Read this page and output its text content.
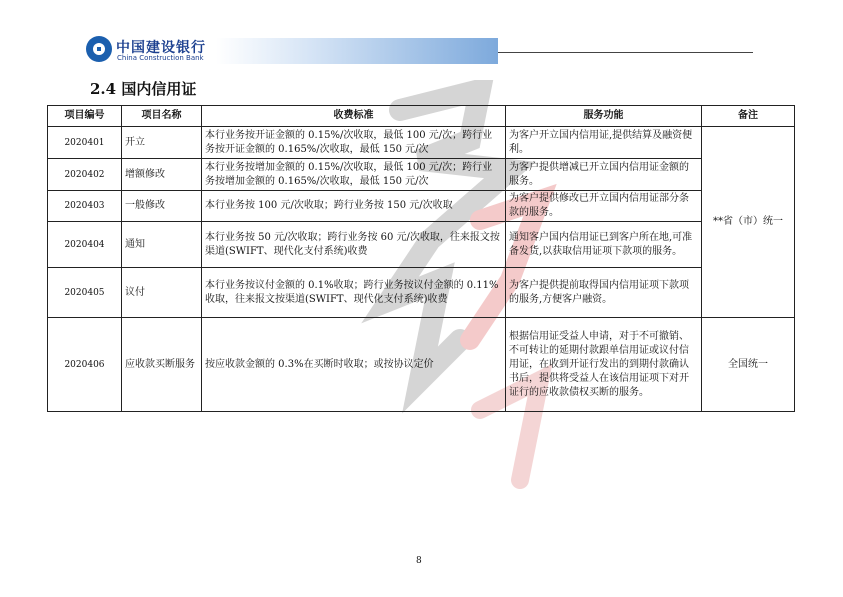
中国建设银行
China Construction Bank
2.4 国内信用证
项目编号	项目名称	收费标准	服务功能	备注
2020401	开立	本行业务按开证金额的 0.15%/次收取，最低 100 元/次；跨行业务按开证金额的 0.165%/次收取，最低 150 元/次	为客户开立国内信用证,提供结算及融资便利。	**省（市）统一
2020402	增额修改	本行业务按增加金额的 0.15%/次收取，最低 100 元/次；跨行业务按增加金额的 0.165%/次收取，最低 150 元/次	为客户提供增减已开立国内信用证金额的服务。	
2020403	一般修改	本行业务按 100 元/次收取；跨行业务按 150 元/次收取	为客户提供修改已开立国内信用证部分条款的服务。	
2020404	通知	本行业务按 50 元/次收取；跨行业务按 60 元/次收取，往来报文按渠道(SWIFT、现代化支付系统)收费	通知客户国内信用证已到客户所在地,可准备发货,以获取信用证项下款项的服务。	
2020405	议付	本行业务按议付金额的 0.1%收取；跨行业务按议付金额的 0.11%收取，往来报文按渠道(SWIFT、现代化支付系统)收费	为客户提供提前取得国内信用证项下款项的服务,方便客户融资。	
2020406	应收款买断服务	按应收款金额的 0.3%在买断时收取；或按协议定价	根据信用证受益人申请，对于不可撤销、不可转让的延期付款跟单信用证或议付信用证，在收到开证行发出的到期付款确认书后，提供将受益人在该信用证项下对开证行的应收款债权买断的服务。	全国统一
8
